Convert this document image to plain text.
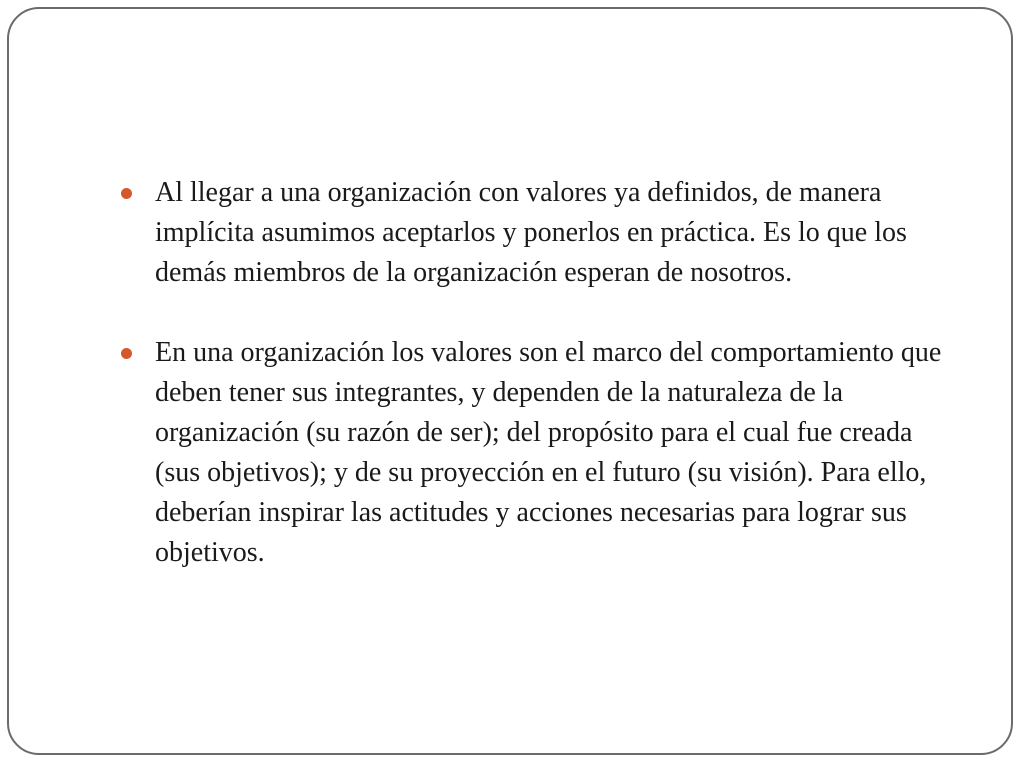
Al llegar a una organización con valores ya definidos, de manera implícita asumimos aceptarlos y ponerlos en práctica. Es lo que los demás miembros de la organización esperan de nosotros.
En una organización los valores son el marco del comportamiento que deben tener sus integrantes, y dependen de la naturaleza de la organización (su razón de ser); del propósito para el cual fue creada (sus objetivos); y de su proyección en el futuro (su visión). Para ello, deberían inspirar las actitudes y acciones necesarias para lograr sus objetivos.
